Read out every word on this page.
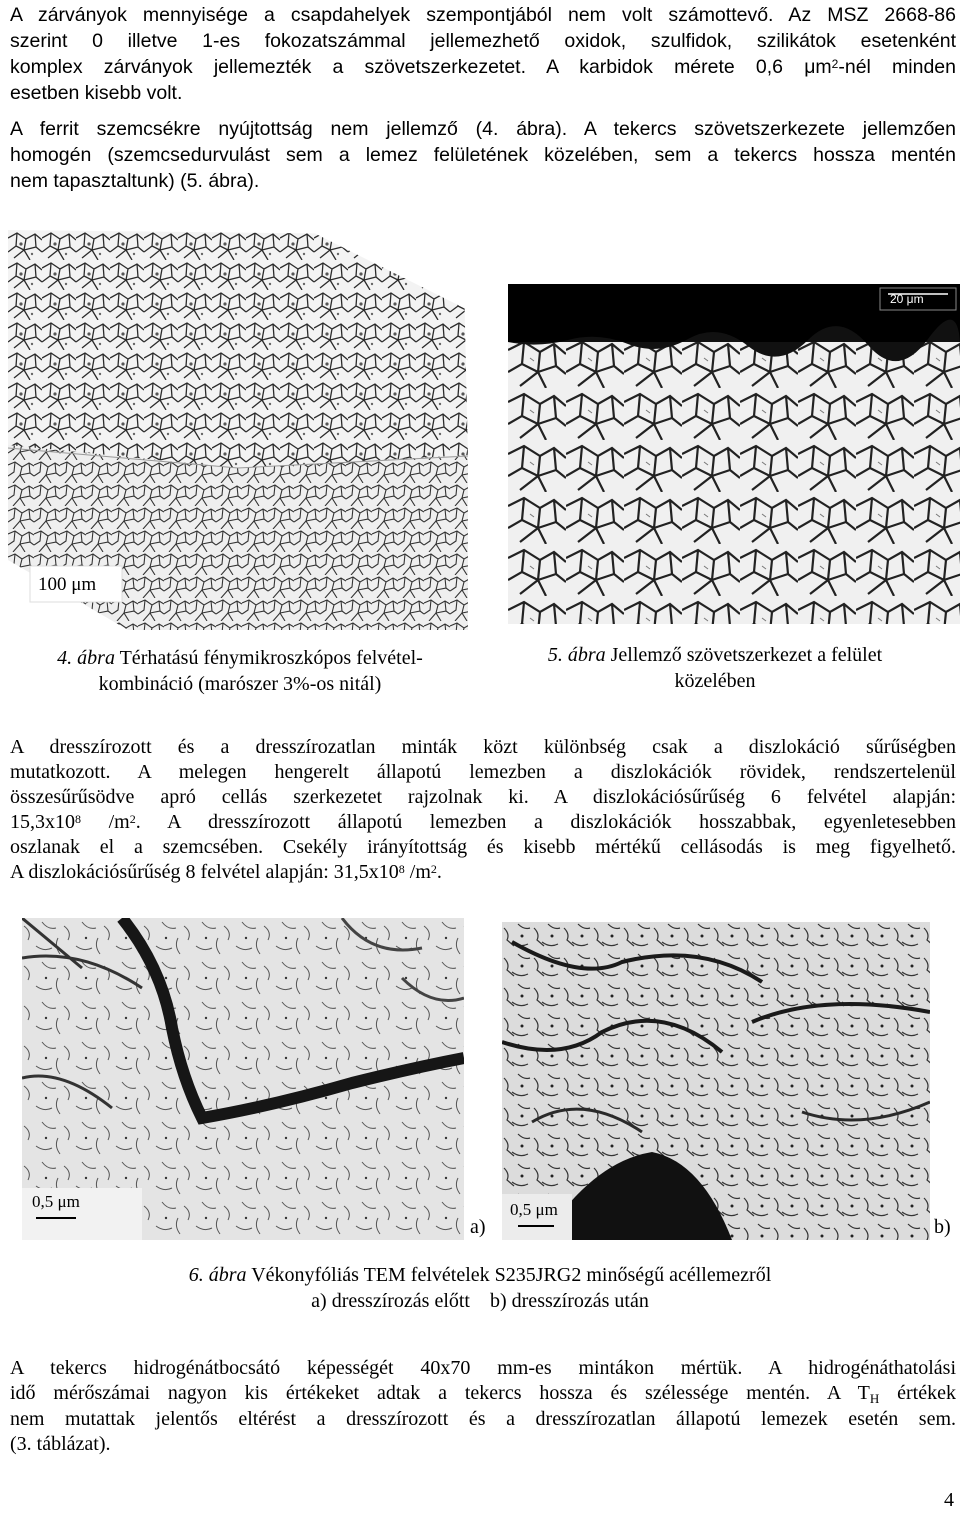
A zárványok mennyisége a csapdahelyek szempontjából nem volt számottevő. Az MSZ 2668-86
szerint 0 illetve 1-es fokozatszámmal jellemezhető oxidok, szulfidok, szilikátok esetenként
komplex zárványok jellemezték a szövetszerkezetet. A karbidok mérete 0,6 $\mu m^2$-nél minden
esetben kisebb volt.
A ferrit szemcsékre nyújtottság nem jellemző (4. ábra). A tekercs szövetszerkezete jellemzően
homogén (szemcsedurvulást sem a lemez felületének közelében, sem a tekercs hossza mentén
nem tapasztaltunk) (5. ábra).
100 μm
20 μm
4. ábra Térhatású fénymikroszkópos felvétel-
kombináció (marószer 3%-os nitál)
5. ábra Jellemző szövetszerkezet a felület
közelében
A dresszírozott és a dresszírozatlan minták közt különbség csak a diszlokáció sűrűségben
mutatkozott. A melegen hengerelt állapotú lemezben a diszlokációk rövidek, rendszertelenül
összesűrűsödve apró cellás szerkezetet rajzolnak ki. A diszlokációsűrűség 6 felvétel alapján:
$15,3x10^8$ $/m^2$. A dresszírozott állapotú lemezben a diszlokációk hosszabbak, egyenletesebben
oszlanak el a szemcsében. Csekély irányítottság és kisebb mértékű cellásodás is meg figyelhető.
A diszlokációsűrűség 8 felvétel alapján: $31,5x10^8$ $/m^2$.
0,5 μm
a)
0,5 μm
b)
6. ábra Vékonyfóliás TEM felvételek S235JRG2 minőségű acéllemezről
a) dresszírozás előtt    b) dresszírozás után
A tekercs hidrogénátbocsátó képességét 40x70 mm-es mintákon mértük. A hidrogénáthatolási
idő mérőszámai nagyon kis értékeket adtak a tekercs hossza és szélessége mentén. A $T_H$ értékek
nem mutattak jelentős eltérést a dresszírozott és a dresszírozatlan állapotú lemezek esetén sem.
(3. táblázat).
4
